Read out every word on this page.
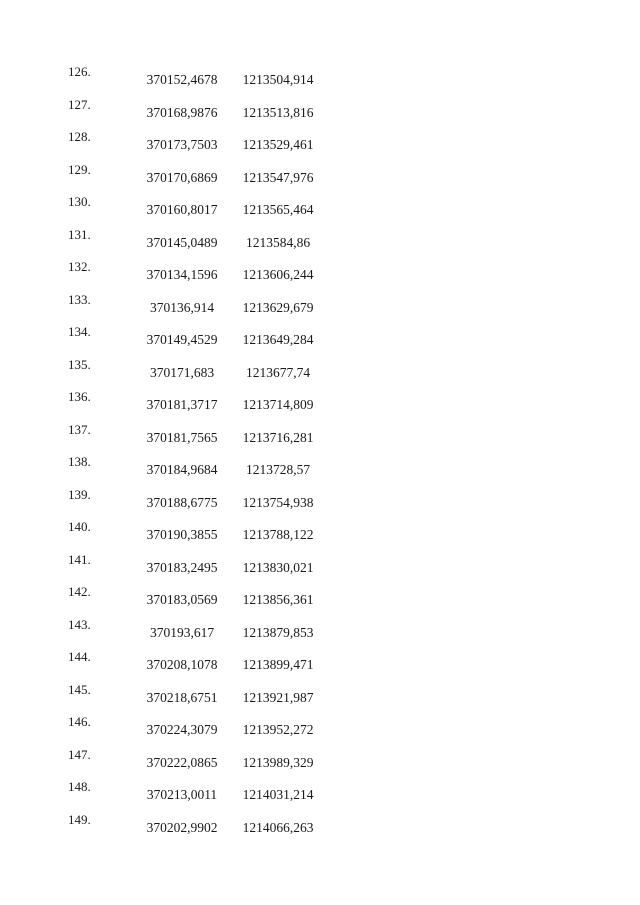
126.
370152,4678	1213504,914
127.
370168,9876	1213513,816
128.
370173,7503	1213529,461
129.
370170,6869	1213547,976
130.
370160,8017	1213565,464
131.
370145,0489	1213584,86
132.
370134,1596	1213606,244
133.
370136,914	1213629,679
134.
370149,4529	1213649,284
135.
370171,683	1213677,74
136.
370181,3717	1213714,809
137.
370181,7565	1213716,281
138.
370184,9684	1213728,57
139.
370188,6775	1213754,938
140.
370190,3855	1213788,122
141.
370183,2495	1213830,021
142.
370183,0569	1213856,361
143.
370193,617	1213879,853
144.
370208,1078	1213899,471
145.
370218,6751	1213921,987
146.
370224,3079	1213952,272
147.
370222,0865	1213989,329
148.
370213,0011	1214031,214
149.
370202,9902	1214066,263
